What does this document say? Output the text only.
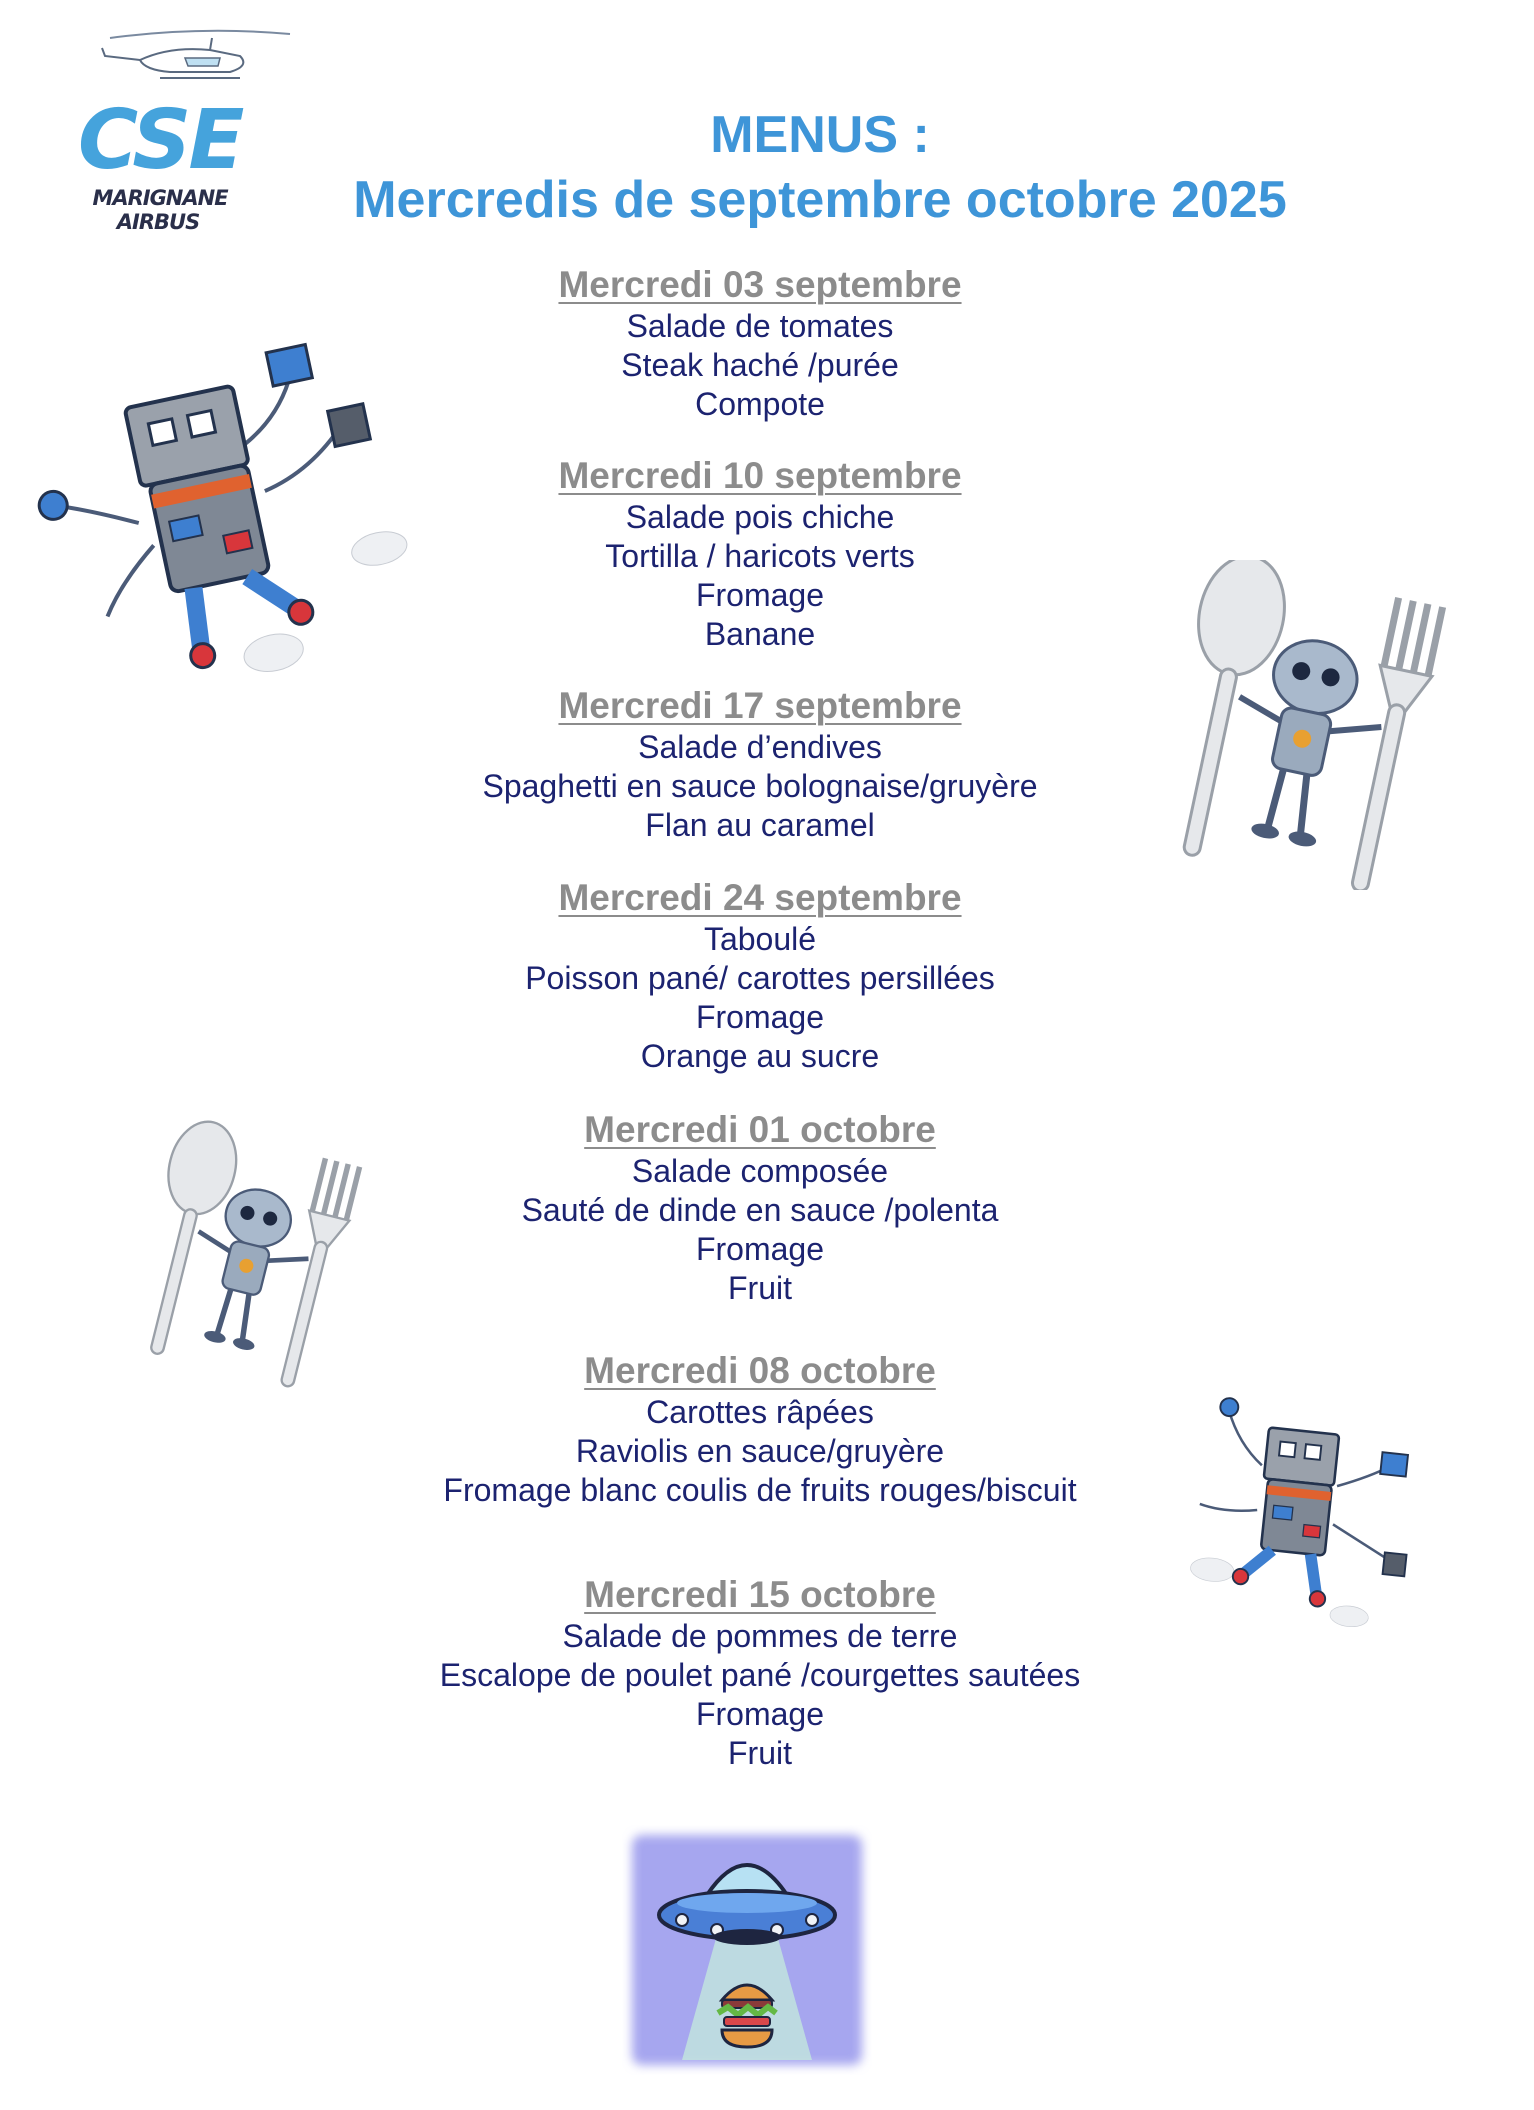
CSE
MARIGNANE
AIRBUS
MENUS :
Mercredis de septembre octobre 2025
Mercredi 03 septembre
Salade de tomates
Steak haché /purée
Compote
Mercredi 10 septembre
Salade pois chiche
Tortilla / haricots verts
Fromage
Banane
Mercredi 17 septembre
Salade d’endives
Spaghetti en sauce bolognaise/gruyère
Flan au caramel
Mercredi 24 septembre
Taboulé
Poisson pané/ carottes persillées
Fromage
Orange au sucre
Mercredi 01 octobre
Salade composée
Sauté de dinde en sauce /polenta
Fromage
Fruit
Mercredi 08 octobre
Carottes râpées
Raviolis en sauce/gruyère
Fromage blanc coulis de fruits rouges/biscuit
Mercredi 15 octobre
Salade de pommes de terre
Escalope de poulet pané /courgettes sautées
Fromage
Fruit
